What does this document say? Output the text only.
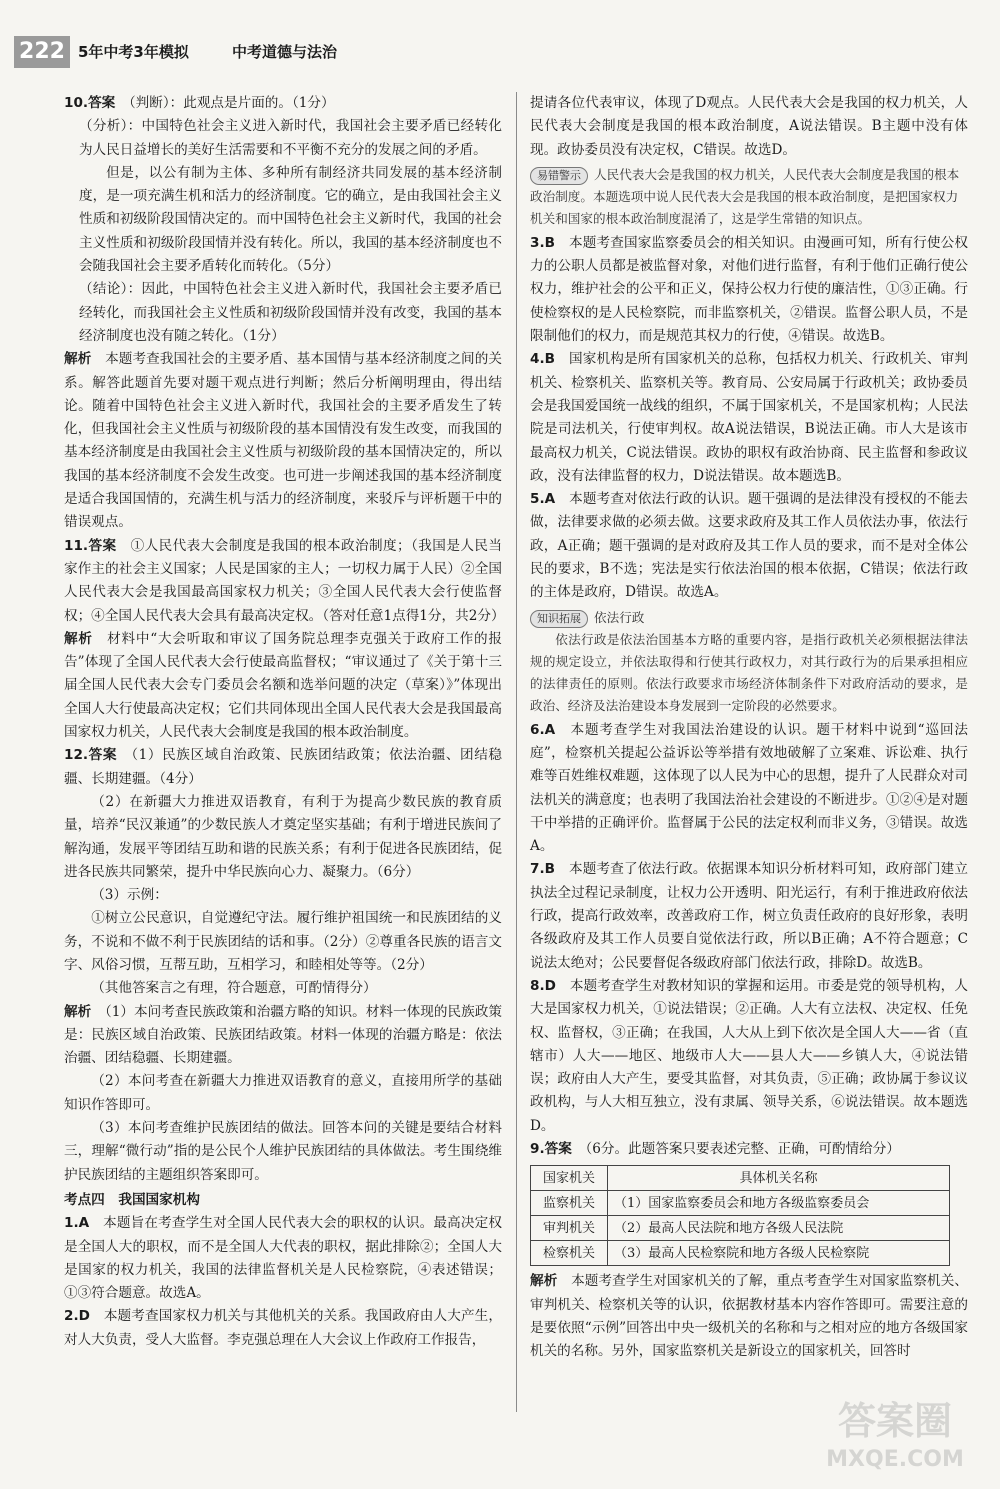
222 5年中考3年模拟	中考道德与法治

10.答案　 （判断）：此观点是片面的。（1分）

（分析）：中国特色社会主义进入新时代，我国社会主要矛盾已经转化为人民日益增长的美好生活需要和不平衡不充分的发展之间的矛盾。

但是，以公有制为主体、多种所有制经济共同发展的基本经济制度，是一项充满生机和活力的经济制度。它的确立，是由我国社会主义性质和初级阶段国情决定的。而中国特色社会主义新时代，我国的社会主义性质和初级阶段国情并没有转化。所以，我国的基本经济制度也不会随我国社会主要矛盾转化而转化。（5分）

（结论）：因此，中国特色社会主义进入新时代，我国社会主要矛盾已经转化，而我国社会主义性质和初级阶段国情并没有改变，我国的基本经济制度也没有随之转化。（1分）

解析　 本题考查我国社会的主要矛盾、基本国情与基本经济制度之间的关系。解答此题首先要对题干观点进行判断；然后分析阐明理由，得出结论。随着中国特色社会主义进入新时代，我国社会的主要矛盾发生了转化，但我国社会主义性质与初级阶段的基本国情没有发生改变，而我国的基本经济制度是由我国社会主义性质与初级阶段的基本国情决定的，所以我国的基本经济制度不会发生改变。也可进一步阐述我国的基本经济制度是适合我国国情的，充满生机与活力的经济制度，来驳斥与评析题干中的错误观点。

11.答案　 ①人民代表大会制度是我国的根本政治制度；（我国是人民当家作主的社会主义国家；人民是国家的主人；一切权力属于人民）②全国人民代表大会是我国最高国家权力机关；③全国人民代表大会行使监督权；④全国人民代表大会具有最高决定权。（答对任意1点得1分，共2分）

解析　 材料中“大会听取和审议了国务院总理李克强关于政府工作的报告”体现了全国人民代表大会行使最高监督权；“审议通过了《关于第十三届全国人民代表大会专门委员会名额和选举问题的决定（草案）》”体现出全国人大行使最高决定权；它们共同体现出全国人民代表大会是我国最高国家权力机关，人民代表大会制度是我国的根本政治制度。

12.答案　 （1）民族区域自治政策、民族团结政策；依法治疆、团结稳疆、长期建疆。（4分）

（2）在新疆大力推进双语教育，有利于为提高少数民族的教育质量，培养“民汉兼通”的少数民族人才奠定坚实基础；有利于增进民族间了解沟通，发展平等团结互助和谐的民族关系；有利于促进各民族团结，促进各民族共同繁荣，提升中华民族向心力、凝聚力。（6分）

（3）示例：

①树立公民意识，自觉遵纪守法。履行维护祖国统一和民族团结的义务，不说和不做不利于民族团结的话和事。（2分）②尊重各民族的语言文字、风俗习惯，互帮互助，互相学习，和睦相处等等。（2分）

（其他答案言之有理，符合题意，可酌情得分）

解析　 （1）本问考查民族政策和治疆方略的知识。材料一体现的民族政策是：民族区域自治政策、民族团结政策。材料一体现的治疆方略是：依法治疆、团结稳疆、长期建疆。

（2）本问考查在新疆大力推进双语教育的意义，直接用所学的基础知识作答即可。

（3）本问考查维护民族团结的做法。回答本问的关键是要结合材料三，理解“微行动”指的是公民个人维护民族团结的具体做法。考生围绕维护民族团结的主题组织答案即可。

考点四　我国国家机构

1.A　 本题旨在考查学生对全国人民代表大会的职权的认识。最高决定权是全国人大的职权，而不是全国人大代表的职权，据此排除②；全国人大是国家的权力机关，我国的法律监督机关是人民检察院，④表述错误；①③符合题意。故选A。

2.D　 本题考查国家权力机关与其他机关的关系。我国政府由人大产生，对人大负责，受人大监督。李克强总理在人大会议上作政府工作报告，

提请各位代表审议，体现了D观点。人民代表大会是我国的权力机关，人民代表大会制度是我国的根本政治制度，A说法错误。B主题中没有体现。政协委员没有决定权，C错误。故选D。

易错警示 人民代表大会是我国的权力机关，人民代表大会制度是我国的根本政治制度。本题选项中说人民代表大会是我国的根本政治制度，是把国家权力机关和国家的根本政治制度混淆了，这是学生常错的知识点。

3.B　 本题考查国家监察委员会的相关知识。由漫画可知，所有行使公权力的公职人员都是被监督对象，对他们进行监督，有利于他们正确行使公权力，维护社会的公平和正义，保持公权力行使的廉洁性，①③正确。行使检察权的是人民检察院，而非监察机关，②错误。监督公职人员，不是限制他们的权力，而是规范其权力的行使，④错误。故选B。

4.B　 国家机构是所有国家机关的总称，包括权力机关、行政机关、审判机关、检察机关、监察机关等。教育局、公安局属于行政机关；政协委员会是我国爱国统一战线的组织，不属于国家机关，不是国家机构；人民法院是司法机关，行使审判权。故A说法错误，B说法正确。市人大是该市最高权力机关，C说法错误。政协的职权有政治协商、民主监督和参政议政，没有法律监督的权力，D说法错误。故本题选B。

5.A　 本题考查对依法行政的认识。题干强调的是法律没有授权的不能去做，法律要求做的必须去做。这要求政府及其工作人员依法办事，依法行政，A正确；题干强调的是对政府及其工作人员的要求，而不是对全体公民的要求，B不选；宪法是实行依法治国的根本依据，C错误；依法行政的主体是政府，D错误。故选A。

知识拓展 依法行政

依法行政是依法治国基本方略的重要内容，是指行政机关必须根据法律法规的规定设立，并依法取得和行使其行政权力，对其行政行为的后果承担相应的法律责任的原则。依法行政要求市场经济体制条件下对政府活动的要求，是政治、经济及法治建设本身发展到一定阶段的必然要求。

6.A　 本题考查学生对我国法治建设的认识。题干材料中说到“巡回法庭”，检察机关提起公益诉讼等举措有效地破解了立案难、诉讼难、执行难等百姓维权难题，这体现了以人民为中心的思想，提升了人民群众对司法机关的满意度；也表明了我国法治社会建设的不断进步。①②④是对题干中举措的正确评价。监督属于公民的法定权利而非义务，③错误。故选A。

7.B　 本题考查了依法行政。依据课本知识分析材料可知，政府部门建立执法全过程记录制度，让权力公开透明、阳光运行，有利于推进政府依法行政，提高行政效率，改善政府工作，树立负责任政府的良好形象，表明各级政府及其工作人员要自觉依法行政，所以B正确；A不符合题意；C说法太绝对；公民要督促各级政府部门依法行政，排除D。故选B。

8.D　 本题考查学生对教材知识的掌握和运用。市委是党的领导机构，人大是国家权力机关，①说法错误；②正确。人大有立法权、决定权、任免权、监督权，③正确；在我国，人大从上到下依次是全国人大——省（直辖市）人大——地区、地级市人大——县人大——乡镇人大，④说法错误；政府由人大产生，要受其监督，对其负责，⑤正确；政协属于参议议政机构，与人大相互独立，没有隶属、领导关系，⑥说法错误。故本题选D。

9.答案　 （6分。此题答案只要表述完整、正确，可酌情给分）

国家机关	具体机关名称
监察机关	（1）国家监察委员会和地方各级监察委员会
审判机关	（2）最高人民法院和地方各级人民法院
检察机关	（3）最高人民检察院和地方各级人民检察院

解析　 本题考查学生对国家机关的了解，重点考查学生对国家监察机关、审判机关、检察机关等的认识，依据教材基本内容作答即可。需要注意的是要依照“示例”回答出中央一级机关的名称和与之相对应的地方各级国家机关的名称。另外，国家监察机关是新设立的国家机关，回答时

答案圈
MXQE.COM
